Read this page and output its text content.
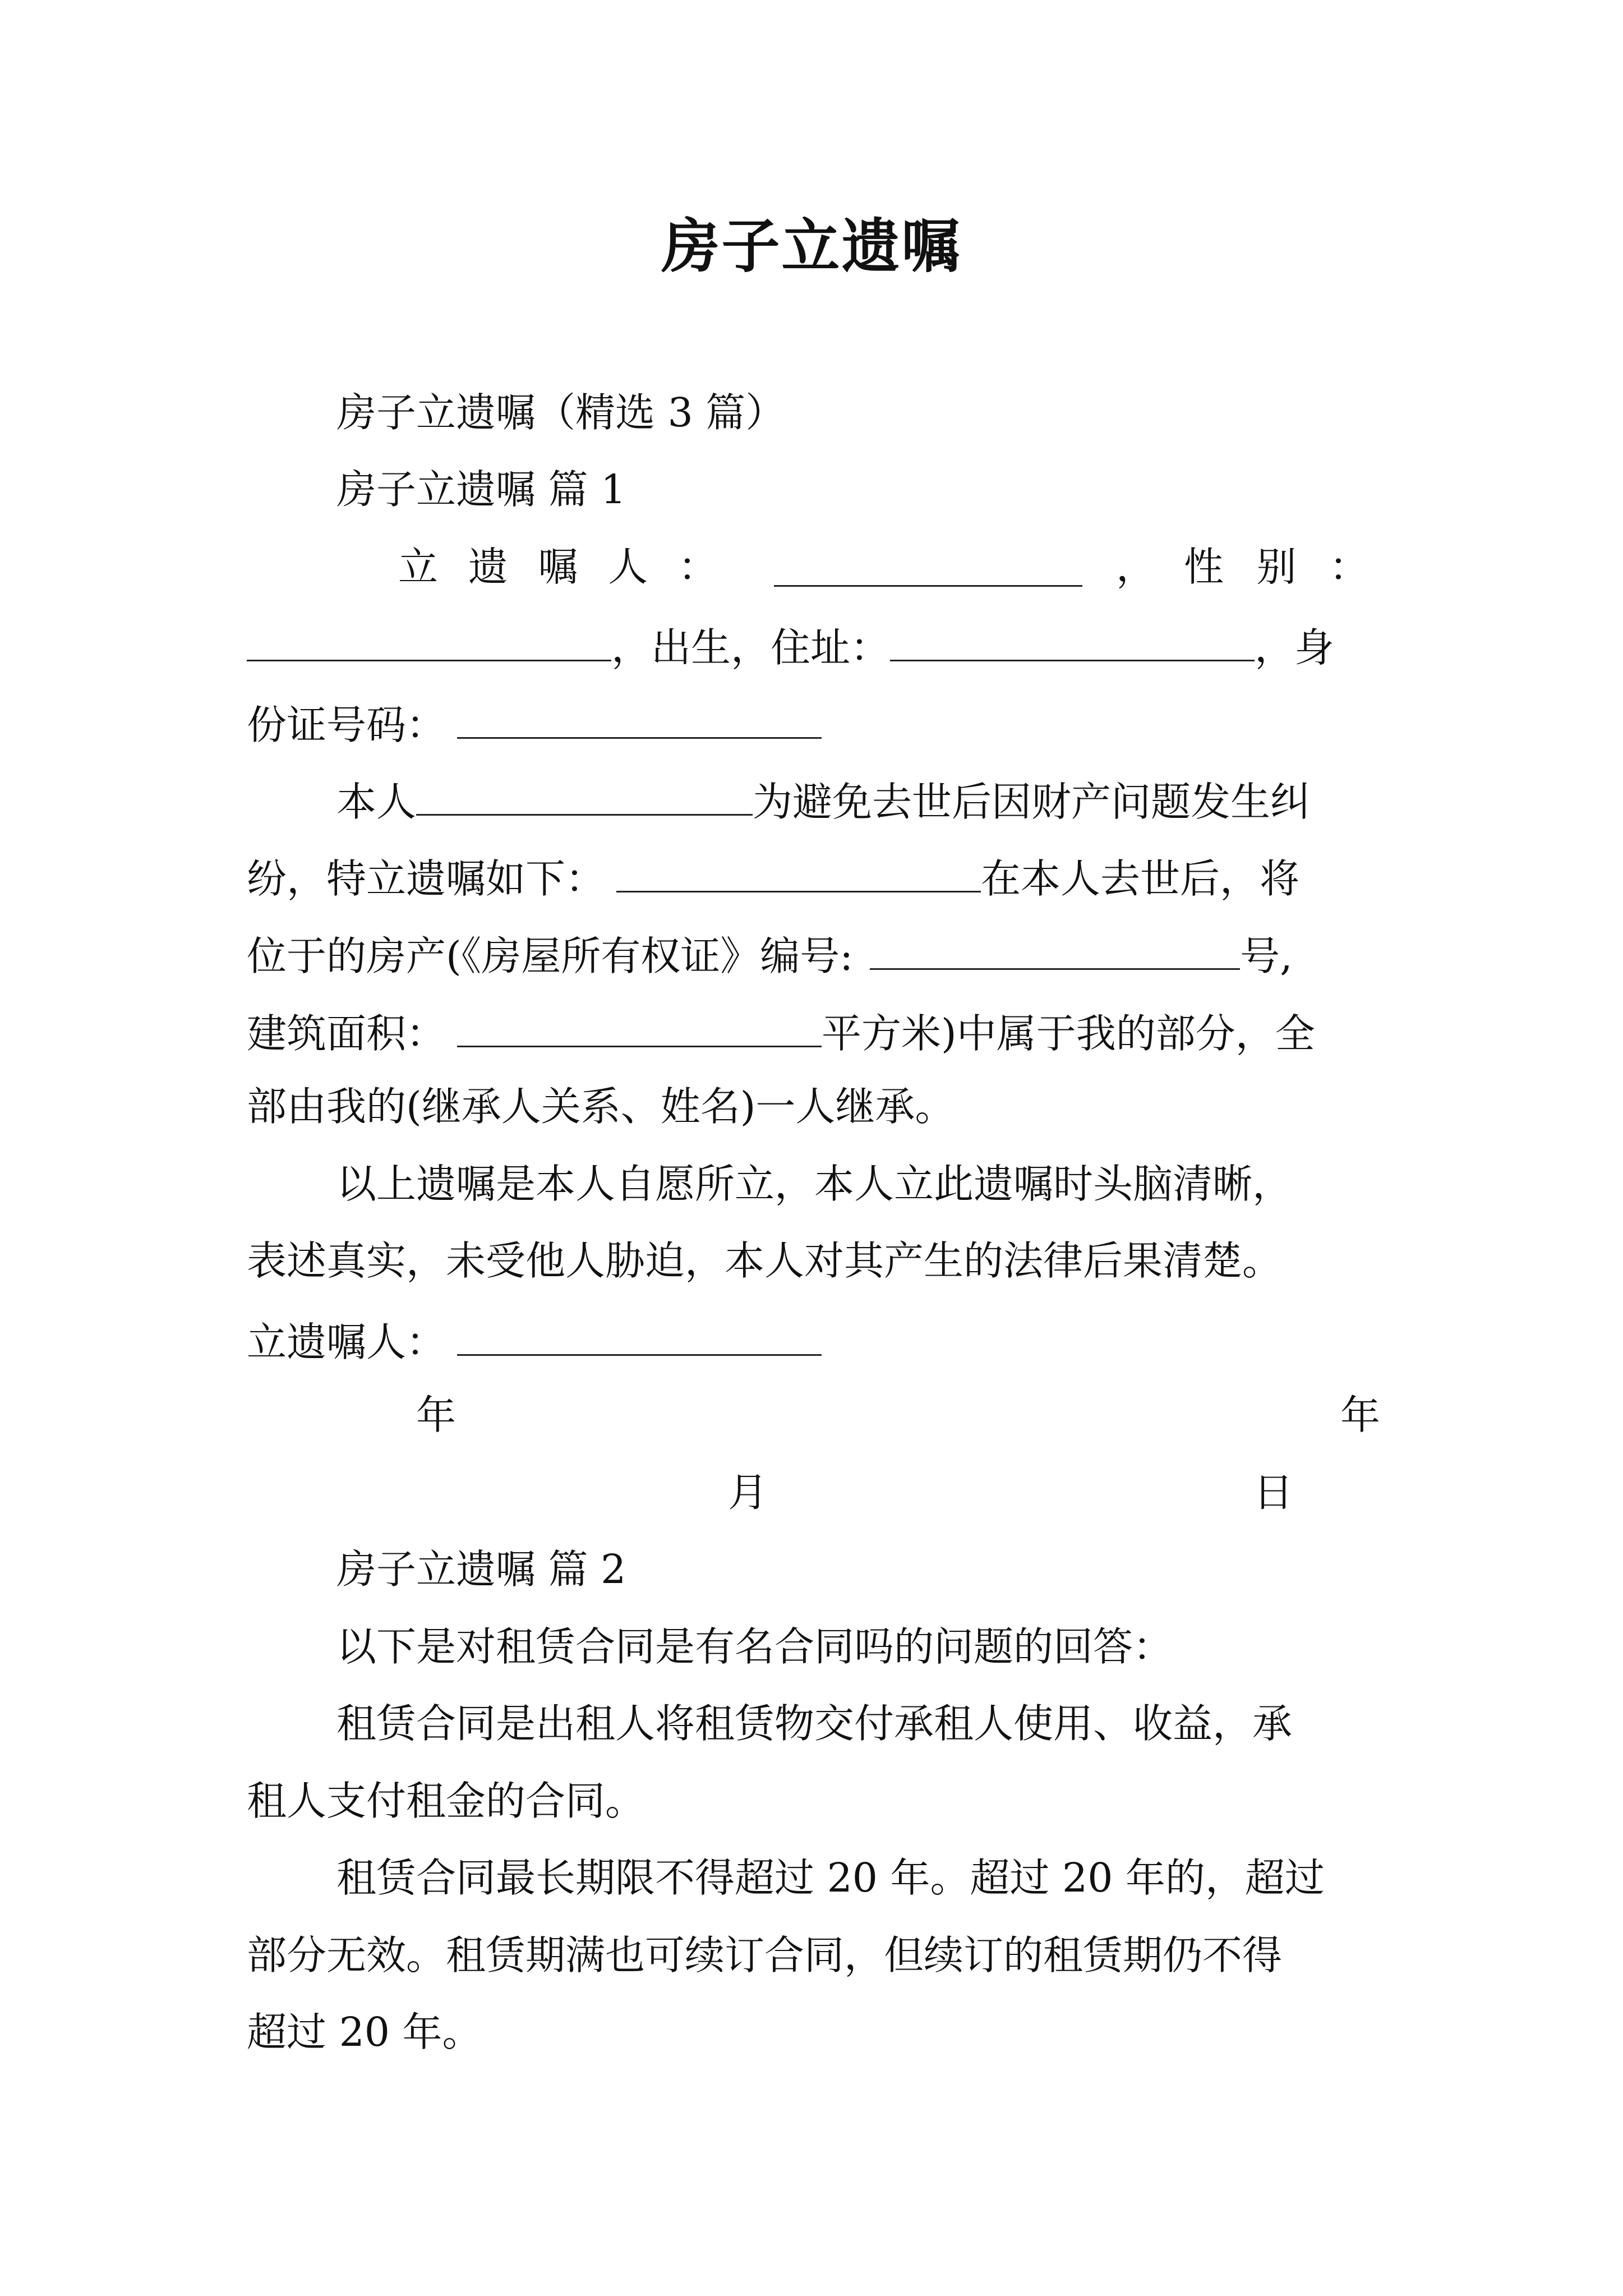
房子立遗嘱
房子立遗嘱（精选 3 篇）
房子立遗嘱 篇 1
立 遗 嘱 人 ：	， 性 别 ：
，出生，住址：	，身
份证号码：
本人	为避免去世后因财产问题发生纠
纷，特立遗嘱如下：	在本人去世后，将
位于的房产(《房屋所有权证》编号:	号,
建筑面积：	平方米)中属于我的部分，全
部由我的(继承人关系、姓名)一人继承。
以上遗嘱是本人自愿所立，本人立此遗嘱时头脑清晰，
表述真实，未受他人胁迫，本人对其产生的法律后果清楚。
立遗嘱人：
年	年
月	日
房子立遗嘱 篇 2
以下是对租赁合同是有名合同吗的问题的回答：
租赁合同是出租人将租赁物交付承租人使用、收益，承
租人支付租金的合同。
租赁合同最长期限不得超过 20 年。超过 20 年的，超过
部分无效。租赁期满也可续订合同，但续订的租赁期仍不得
超过 20 年。
